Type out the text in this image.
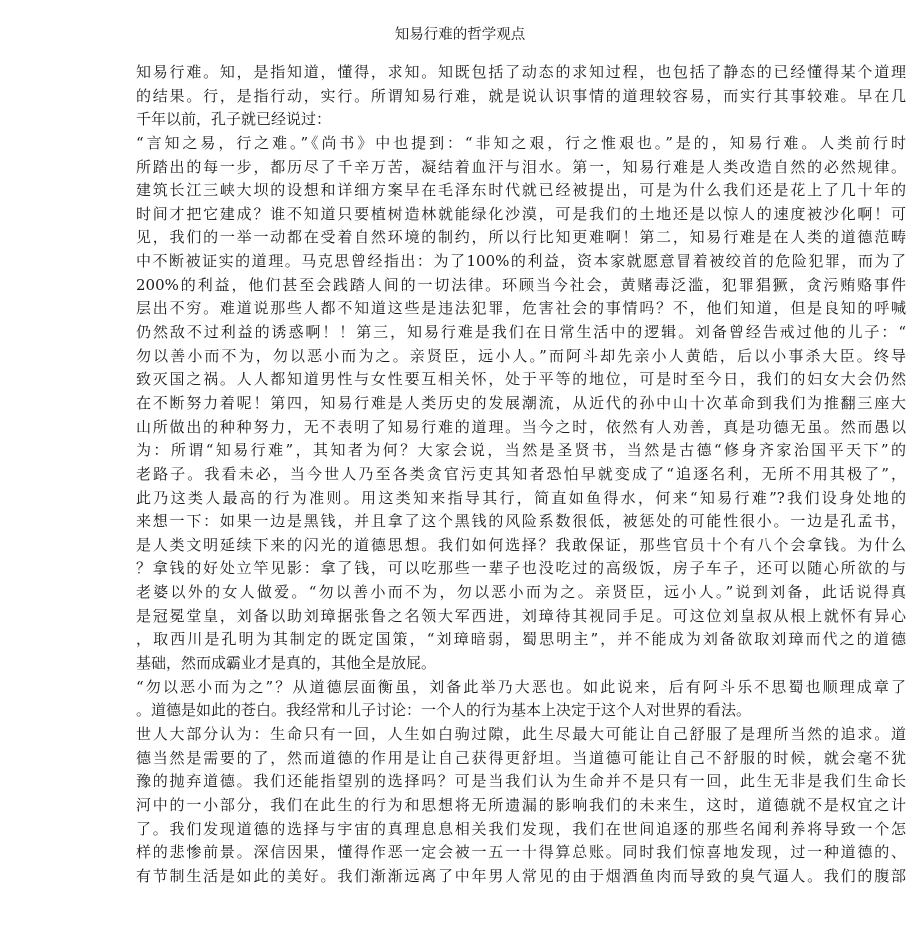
知易行难的哲学观点
知易行难。知，是指知道，懂得，求知。知既包括了动态的求知过程，也包括了静态的已经懂得某个道理
的结果。行，是指行动，实行。所谓知易行难，就是说认识事情的道理较容易，而实行其事较难。早在几
千年以前，孔子就已经说过：
“言知之易，行之难。”《尚书》中也提到：“非知之艰，行之惟艰也。”是的，知易行难。人类前行时
所踏出的每一步，都历尽了千辛万苦，凝结着血汗与泪水。第一，知易行难是人类改造自然的必然规律。
建筑长江三峡大坝的设想和详细方案早在毛泽东时代就已经被提出，可是为什么我们还是花上了几十年的
时间才把它建成？谁不知道只要植树造林就能绿化沙漠，可是我们的土地还是以惊人的速度被沙化啊！可
见，我们的一举一动都在受着自然环境的制约，所以行比知更难啊！第二，知易行难是在人类的道德范畴
中不断被证实的道理。马克思曾经指出：为了100%的利益，资本家就愿意冒着被绞首的危险犯罪，而为了
200%的利益，他们甚至会践踏人间的一切法律。环顾当今社会，黄赌毒泛滥，犯罪猖獗，贪污贿赂事件
层出不穷。难道说那些人都不知道这些是违法犯罪，危害社会的事情吗？不，他们知道，但是良知的呼喊
仍然敌不过利益的诱惑啊！！第三，知易行难是我们在日常生活中的逻辑。刘备曾经告戒过他的儿子：“
勿以善小而不为，勿以恶小而为之。亲贤臣，远小人。”而阿斗却先亲小人黄皓，后以小事杀大臣。终导
致灭国之祸。人人都知道男性与女性要互相关怀，处于平等的地位，可是时至今日，我们的妇女大会仍然
在不断努力着呢！第四，知易行难是人类历史的发展潮流，从近代的孙中山十次革命到我们为推翻三座大
山所做出的种种努力，无不表明了知易行难的道理。当今之时，依然有人劝善，真是功德无虽。然而愚以
为：所谓“知易行难”，其知者为何？大家会说，当然是圣贤书，当然是古德“修身齐家治国平天下”的
老路子。我看未必，当今世人乃至各类贪官污吏其知者恐怕早就变成了“追逐名利，无所不用其极了”，
此乃这类人最高的行为准则。用这类知来指导其行，简直如鱼得水，何来“知易行难”?我们设身处地的
来想一下：如果一边是黑钱，并且拿了这个黑钱的风险系数很低，被惩处的可能性很小。一边是孔孟书，
是人类文明延续下来的闪光的道德思想。我们如何选择？我敢保证，那些官员十个有八个会拿钱。为什么
？拿钱的好处立竿见影：拿了钱，可以吃那些一辈子也没吃过的高级饭，房子车子，还可以随心所欲的与
老婆以外的女人做爱。“勿以善小而不为，勿以恶小而为之。亲贤臣，远小人。”说到刘备，此话说得真
是冠冕堂皇，刘备以助刘璋据张鲁之名领大军西进，刘璋待其视同手足。可这位刘皇叔从根上就怀有异心
，取西川是孔明为其制定的既定国策，“刘璋暗弱，蜀思明主”，并不能成为刘备欲取刘璋而代之的道德
基础，然而成霸业才是真的，其他全是放屁。
“勿以恶小而为之”？从道德层面衡虽，刘备此举乃大恶也。如此说来，后有阿斗乐不思蜀也顺理成章了
。道德是如此的苍白。我经常和儿子讨论：一个人的行为基本上决定于这个人对世界的看法。
世人大部分认为：生命只有一回，人生如白驹过隙，此生尽最大可能让自己舒服了是理所当然的追求。道
德当然是需要的了，然而道德的作用是让自己获得更舒坦。当道德可能让自己不舒服的时候，就会毫不犹
豫的抛弃道德。我们还能指望别的选择吗？可是当我们认为生命并不是只有一回，此生无非是我们生命长
河中的一小部分，我们在此生的行为和思想将无所遗漏的影响我们的未来生，这时，道德就不是权宜之计
了。我们发现道德的选择与宇宙的真理息息相关我们发现，我们在世间追逐的那些名闻利养将导致一个怎
样的悲惨前景。深信因果，懂得作恶一定会被一五一十得算总账。同时我们惊喜地发现，过一种道德的、
有节制生活是如此的美好。我们渐渐远离了中年男人常见的由于烟酒鱼肉而导致的臭气逼人。我们的腹部
